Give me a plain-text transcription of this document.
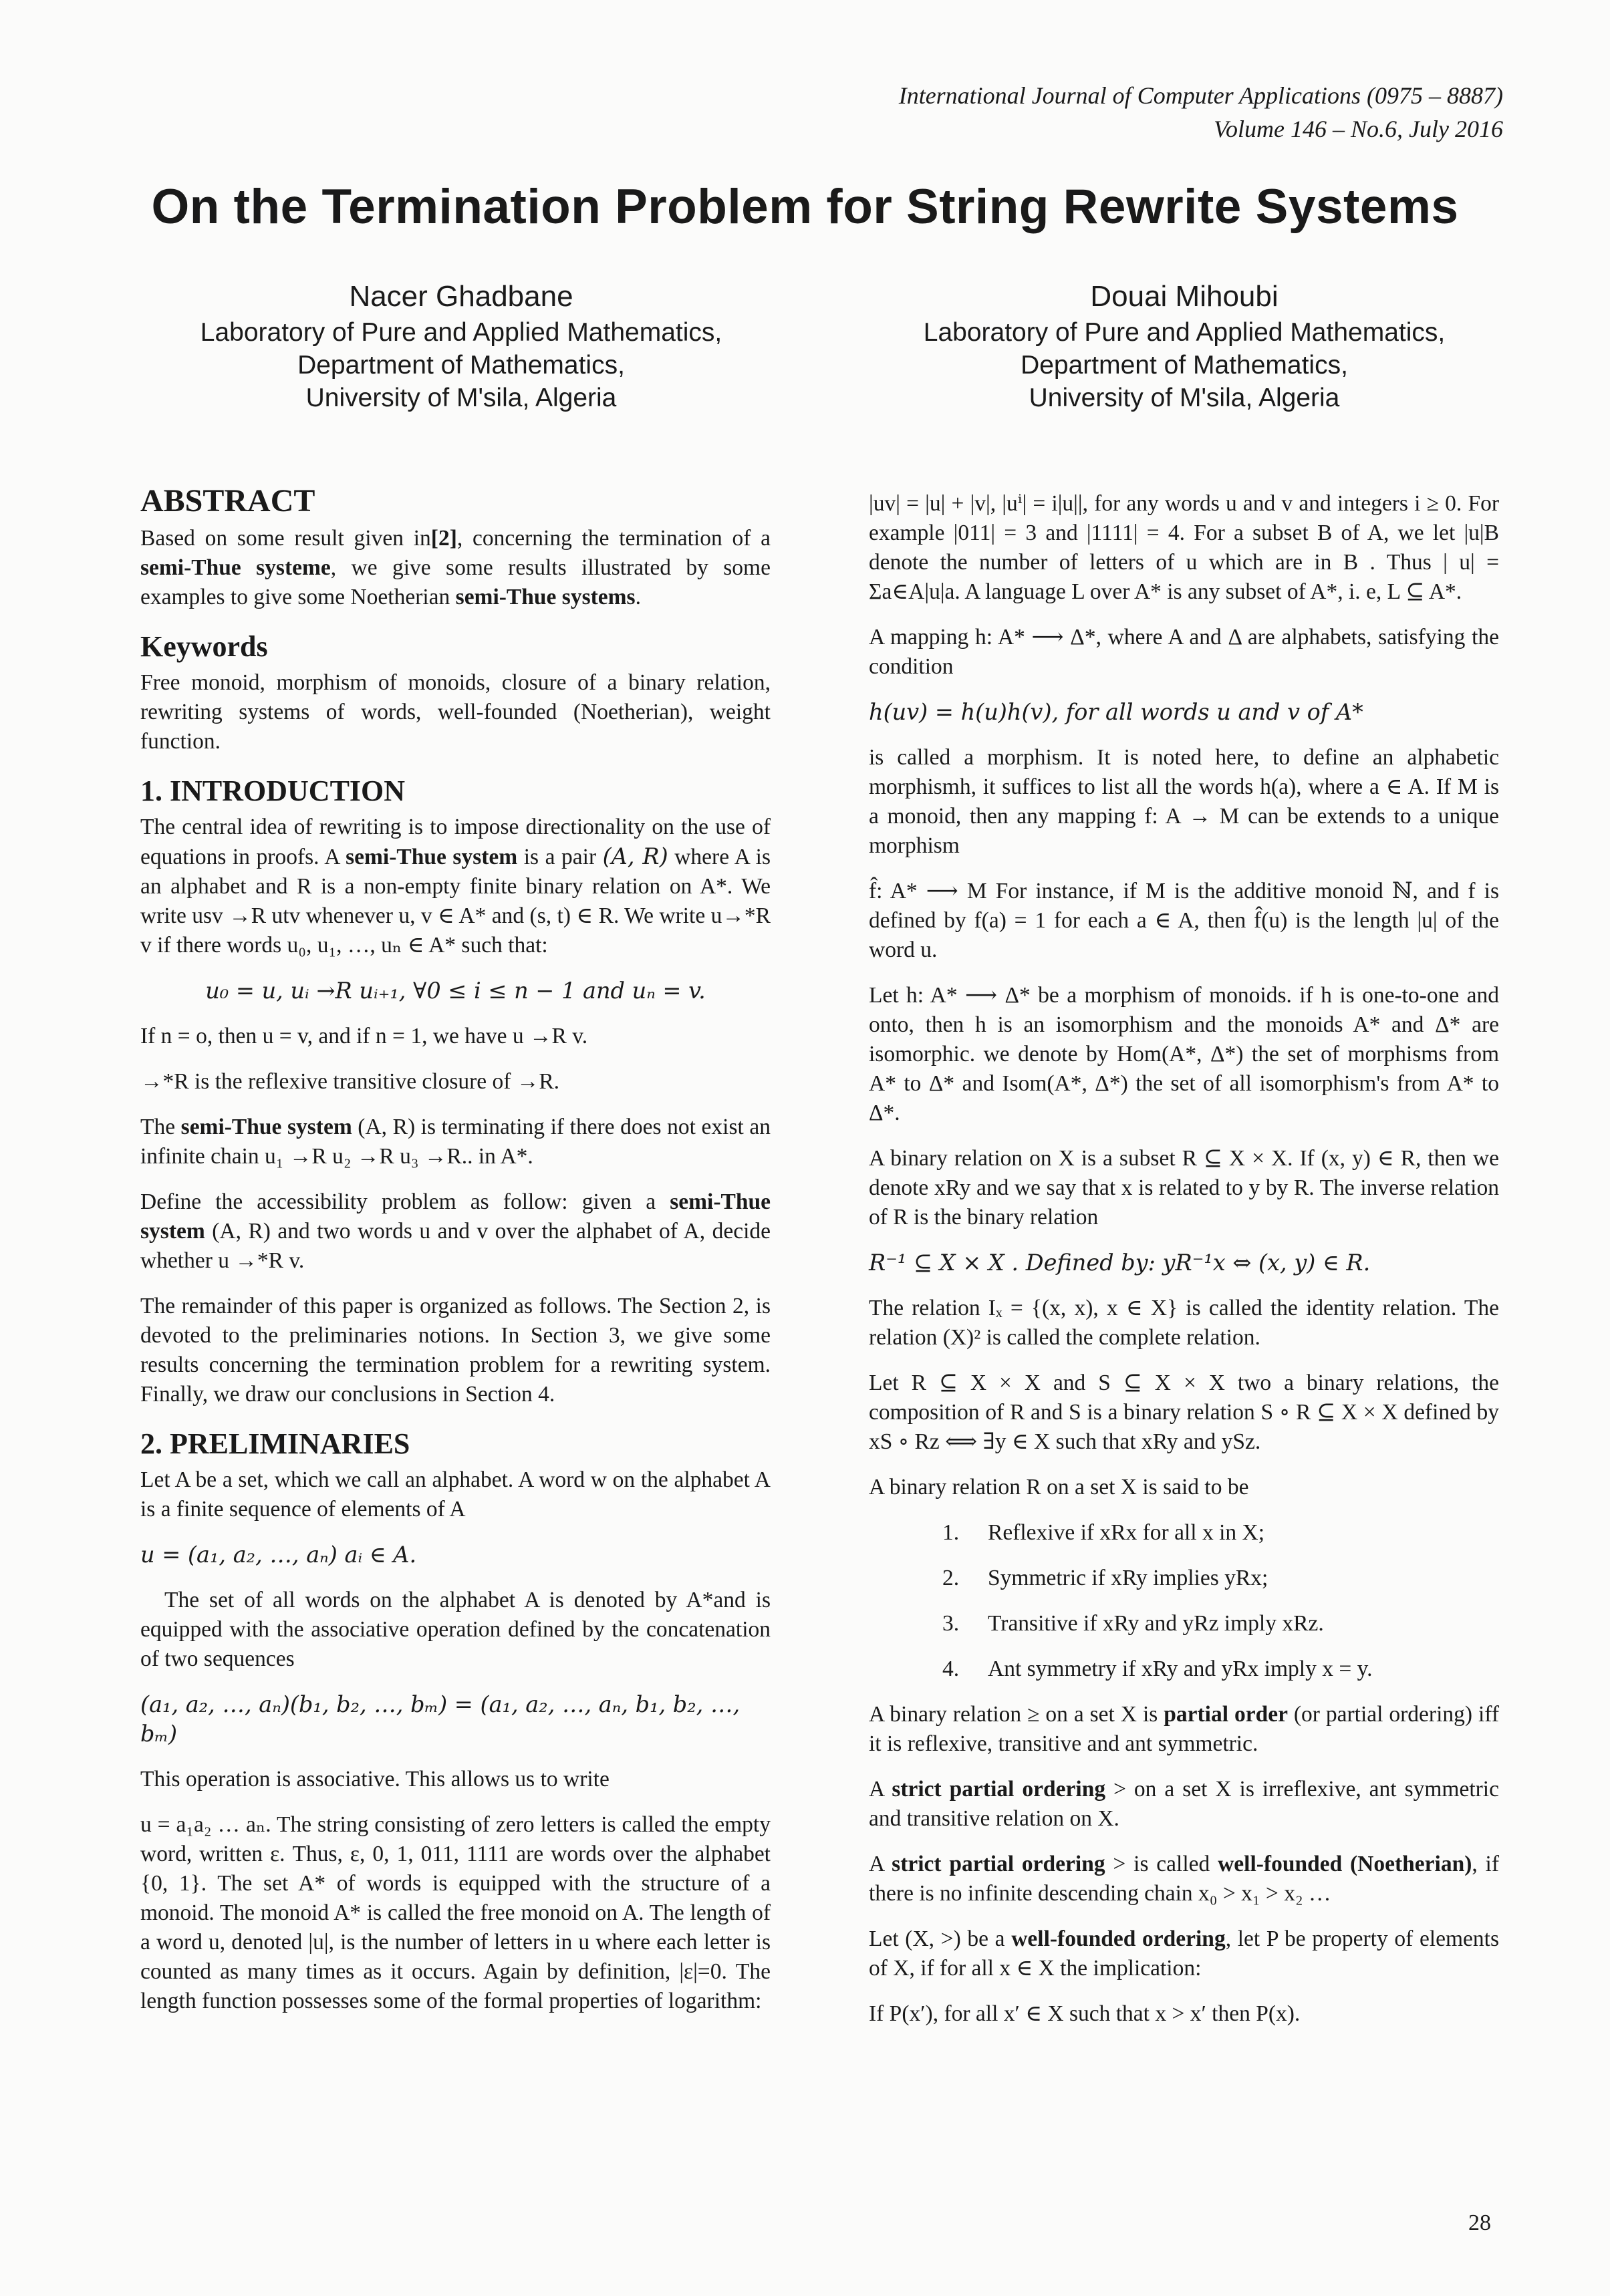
International Journal of Computer Applications (0975 – 8887)
Volume 146 – No.6, July 2016
On the Termination Problem for String Rewrite Systems
Nacer Ghadbane
Laboratory of Pure and Applied Mathematics,
Department of Mathematics,
University of M'sila, Algeria
Douai Mihoubi
Laboratory of Pure and Applied Mathematics,
Department of Mathematics,
University of M'sila, Algeria
ABSTRACT

Based on some result given in[2], concerning the termination of a semi-Thue systeme, we give some results illustrated by some examples to give some Noetherian semi-Thue systems.

Keywords

Free monoid, morphism of monoids, closure of a binary relation, rewriting systems of words, well-founded (Noetherian), weight function.

1. INTRODUCTION

The central idea of rewriting is to impose directionality on the use of equations in proofs. A semi-Thue system is a pair (A, R) where A is an alphabet and R is a non-empty finite binary relation on A*. We write usv →R utv whenever u, v ∈ A* and (s, t) ∈ R. We write u→*R v if there words u₀, u₁, …, uₙ ∈ A* such that:

u₀ = u, uᵢ →R uᵢ₊₁, ∀0 ≤ i ≤ n − 1 and uₙ = v.

If n = o, then u = v, and if n = 1, we have u →R v.

→*R is the reflexive transitive closure of →R.

The semi-Thue system (A, R) is terminating if there does not exist an infinite chain u₁ →R u₂ →R u₃ →R.. in A*.

Define the accessibility problem as follow: given a semi-Thue system (A, R) and two words u and v over the alphabet of A, decide whether u →*R v.

The remainder of this paper is organized as follows. The Section 2, is devoted to the preliminaries notions. In Section 3, we give some results concerning the termination problem for a rewriting system. Finally, we draw our conclusions in Section 4.

2. PRELIMINARIES

Let A be a set, which we call an alphabet. A word w on the alphabet A is a finite sequence of elements of A

u = (a₁, a₂, …, aₙ) aᵢ ∈ A.

The set of all words on the alphabet A is denoted by A*and is equipped with the associative operation defined by the concatenation of two sequences

(a₁, a₂, …, aₙ)(b₁, b₂, …, bₘ) = (a₁, a₂, …, aₙ, b₁, b₂, …, bₘ)

This operation is associative. This allows us to write

u = a₁a₂ … aₙ. The string consisting of zero letters is called the empty word, written ε. Thus, ε, 0, 1, 011, 1111 are words over the alphabet {0, 1}. The set A* of words is equipped with the structure of a monoid. The monoid A* is called the free monoid on A. The length of a word u, denoted |u|, is the number of letters in u where each letter is counted as many times as it occurs. Again by definition, |ε|=0. The length function possesses some of the formal properties of logarithm:

|uv| = |u| + |v|, |uⁱ| = i|u||, for any words u and v and integers i ≥ 0. For example |011| = 3 and |1111| = 4. For a subset B of A, we let |u|B denote the number of letters of u which are in B . Thus | u| = Σa∈A|u|a. A language L over A* is any subset of A*, i. e, L ⊆ A*.

A mapping h: A* ⟶ Δ*, where A and Δ are alphabets, satisfying the condition

h(uv) = h(u)h(v), for all words u and v of A*

is called a morphism. It is noted here, to define an alphabetic morphismh, it suffices to list all the words h(a), where a ∈ A. If M is a monoid, then any mapping f: A → M can be extends to a unique morphism

f̂: A* ⟶ M For instance, if M is the additive monoid ℕ, and f is defined by f(a) = 1 for each a ∈ A, then f̂(u) is the length |u| of the word u.

Let h: A* ⟶ Δ* be a morphism of monoids. if h is one-to-one and onto, then h is an isomorphism and the monoids A* and Δ* are isomorphic. we denote by Hom(A*, Δ*) the set of morphisms from A* to Δ* and Isom(A*, Δ*) the set of all isomorphism's from A* to Δ*.

A binary relation on X is a subset R ⊆ X × X. If (x, y) ∈ R, then we denote xRy and we say that x is related to y by R. The inverse relation of R is the binary relation

R⁻¹ ⊆ X × X . Defined by: yR⁻¹x ⇔ (x, y) ∈ R.

The relation Iₓ = {(x, x), x ∈ X} is called the identity relation. The relation (X)² is called the complete relation.

Let R ⊆ X × X and S ⊆ X × X two a binary relations, the composition of R and S is a binary relation S ∘ R ⊆ X × X defined by xS ∘ Rz ⟺ ∃y ∈ X such that xRy and ySz.

A binary relation R on a set X is said to be

1. Reflexive if xRx for all x in X;
2. Symmetric if xRy implies yRx;
3. Transitive if xRy and yRz imply xRz.
4. Ant symmetry if xRy and yRx imply x = y.

A binary relation ≥ on a set X is partial order (or partial ordering) iff it is reflexive, transitive and ant symmetric.

A strict partial ordering > on a set X is irreflexive, ant symmetric and transitive relation on X.

A strict partial ordering > is called well-founded (Noetherian), if there is no infinite descending chain x₀ > x₁ > x₂ …

Let (X, >) be a well-founded ordering, let P be property of elements of X, if for all x ∈ X the implication:

If P(x′), for all x′ ∈ X such that x > x′ then P(x).

28
